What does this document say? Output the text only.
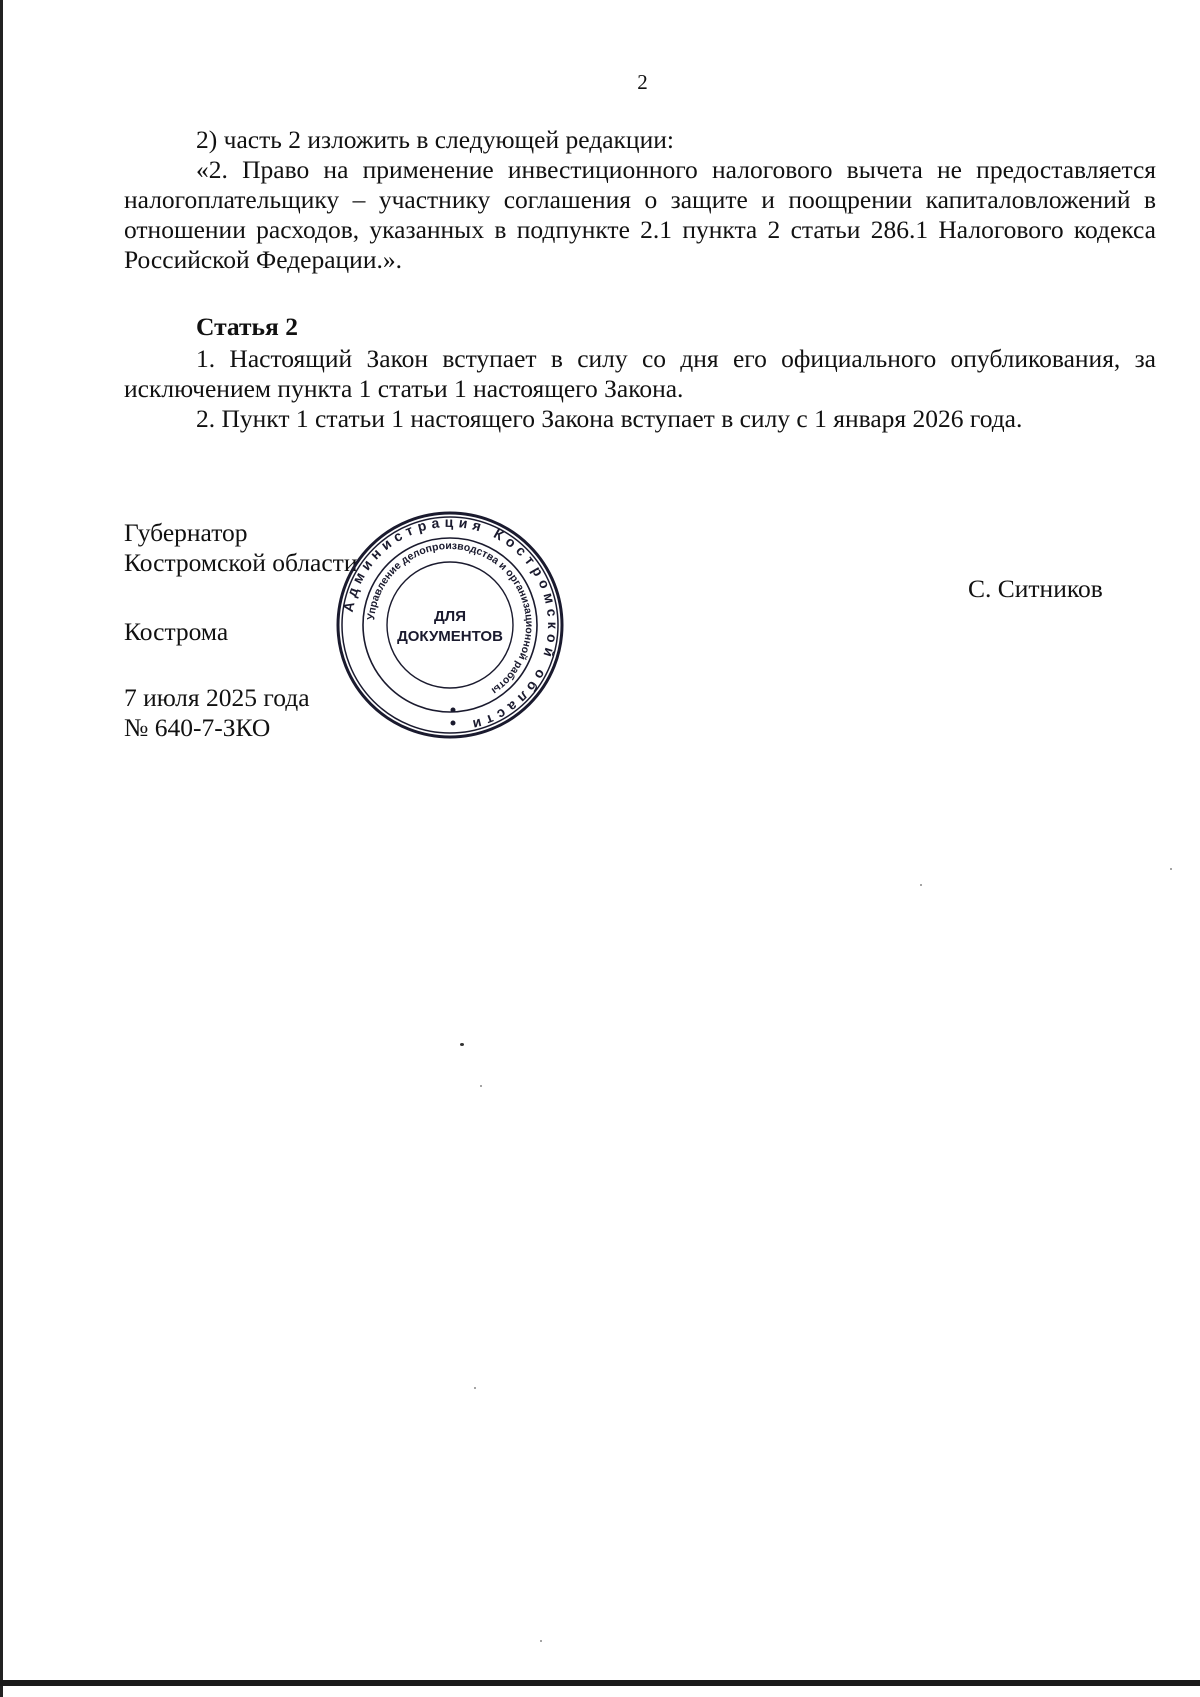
2

2) часть 2 изложить в следующей редакции:

«2. Право на применение инвестиционного налогового вычета не предоставляется налогоплательщику – участнику соглашения о защите и поощрении капиталовложений в отношении расходов, указанных в подпункте 2.1 пункта 2 статьи 286.1 Налогового кодекса Российской Федерации.».

Статья 2

1. Настоящий Закон вступает в силу со дня его официального опубликования, за исключением пункта 1 статьи 1 настоящего Закона.

2. Пункт 1 статьи 1 настоящего Закона вступает в силу с 1 января 2026 года.

Губернатор
Костромской области
С. Ситников
Кострома
7 июля 2025 года
№ 640-7-ЗКО
Администрация Костромской области
Управление делопроизводства и организационной работы
ДЛЯ
ДОКУМЕНТОВ
